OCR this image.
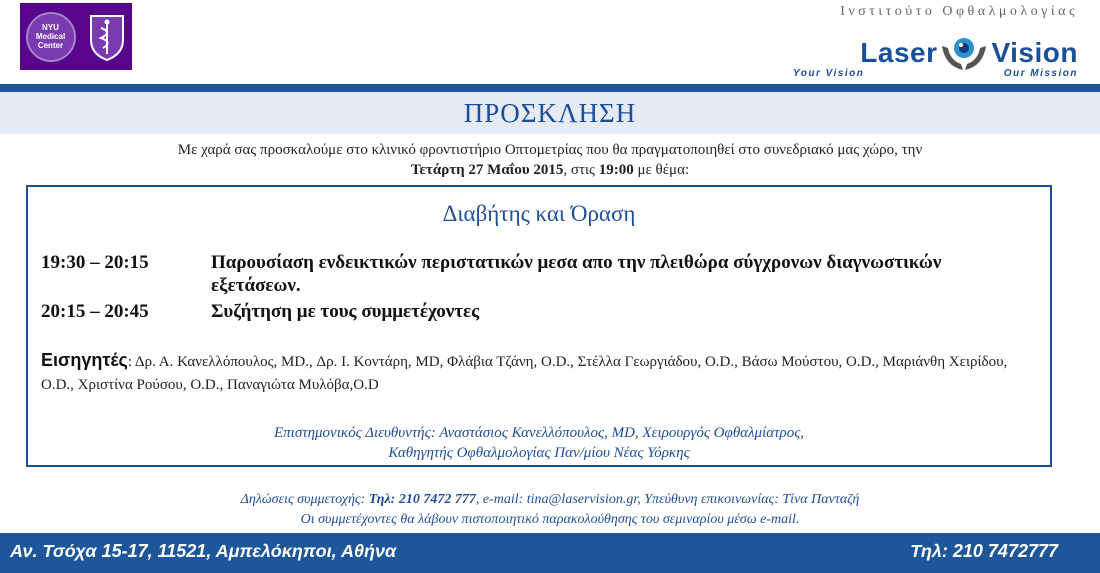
NYU
Medical
Center
Ινστιτούτο Οφθαλμολογίας
Laser Vision
Your Vision	Our Mission
ΠΡΟΣΚΛΗΣΗ
Με χαρά σας προσκαλούμε στο κλινικό φροντιστήριο Οπτομετρίας που θα πραγματοποιηθεί στο συνεδριακό μας χώρο, την
Τετάρτη 27 Μαΐου 2015, στις 19:00 με θέμα:
Διαβήτης και Όραση
19:30 – 20:15	Παρουσίαση ενδεικτικών περιστατικών μεσα απο την πλειθώρα σύγχρονων διαγνωστικών εξετάσεων.
20:15 – 20:45	Συζήτηση με τους συμμετέχοντες
Εισηγητές: Δρ. Α. Κανελλόπουλος, MD., Δρ. Ι. Κοντάρη, MD, Φλάβια Τζάνη, O.D., Στέλλα Γεωργιάδου, O.D., Βάσω Μούστου, O.D., Μαριάνθη Χειρίδου, O.D., Χριστίνα Ρούσου, O.D., Παναγιώτα Μυλόβα,O.D
Επιστημονικός Διευθυντής: Αναστάσιος Κανελλόπουλος, MD, Χειρουργός Οφθαλμίατρος,
Καθηγητής Οφθαλμολογίας Παν/μίου Νέας Υόρκης
Δηλώσεις συμμετοχής: Τηλ: 210 7472 777, e-mail: tina@laservision.gr, Υπεύθυνη επικοινωνίας: Τίνα Πανταζή
Οι συμμετέχοντες θα λάβουν πιστοποιητικό παρακολούθησης του σεμιναρίου μέσω e-mail.
Αν. Τσόχα 15-17, 11521, Αμπελόκηποι, Αθήνα	Τηλ: 210 7472777
